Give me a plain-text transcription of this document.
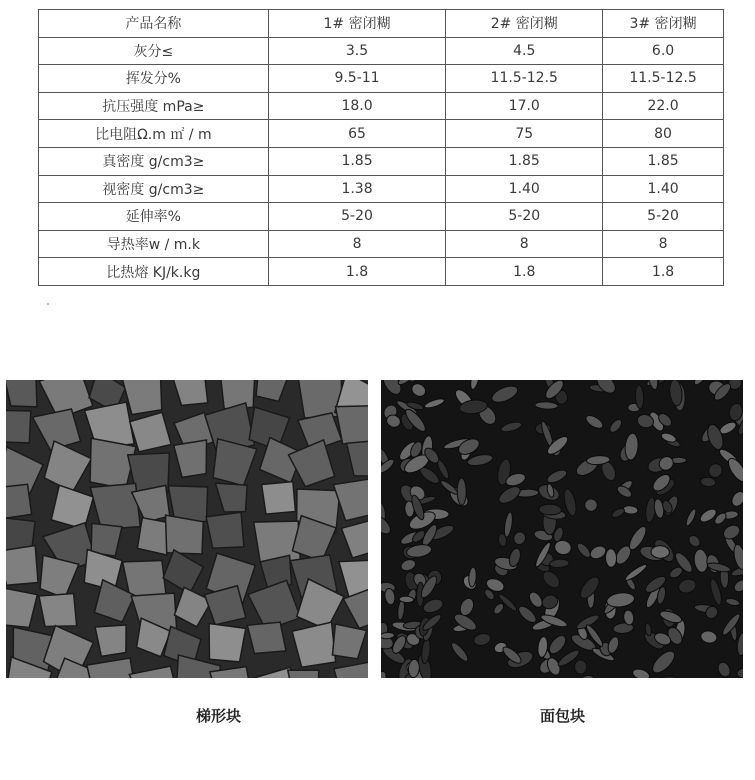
产品名称	1# 密闭糊	2# 密闭糊	3# 密闭糊
灰分≤	3.5	4.5	6.0
挥发分%	9.5-11	11.5-12.5	11.5-12.5
抗压强度 mPa≥	18.0	17.0	22.0
比电阻Ω.m ㎡ / m	65	75	80
真密度 g/cm3≥	1.85	1.85	1.85
视密度 g/cm3≥	1.38	1.40	1.40
延伸率%	5-20	5-20	5-20
导热率w / m.k	8	8	8
比热熔 KJ/k.kg	1.8	1.8	1.8
梯形块	面包块
